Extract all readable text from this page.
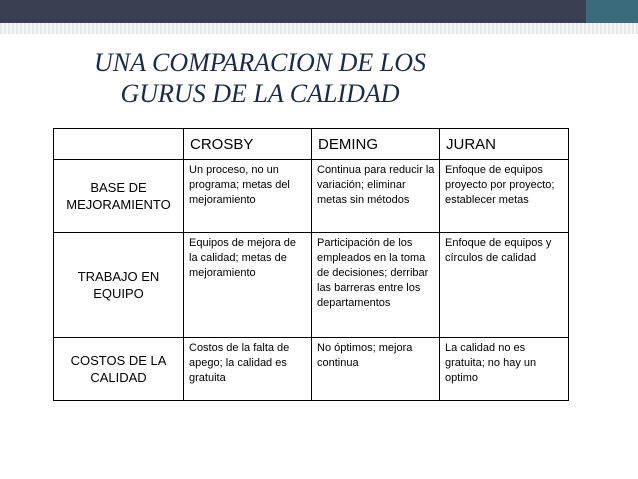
UNA COMPARACION DE LOS
GURUS DE LA CALIDAD
	CROSBY	DEMING	JURAN
BASE DE MEJORAMIENTO	Un proceso, no un programa; metas del mejoramiento	Continua para reducir la variación; eliminar metas sin métodos	Enfoque de equipos proyecto por proyecto; establecer metas
TRABAJO EN EQUIPO	Equipos de mejora de la calidad; metas de mejoramiento	Participación de los empleados en la toma de decisiones; derribar las barreras entre los departamentos	Enfoque de equipos y círculos de calidad
COSTOS DE LA CALIDAD	Costos de la falta de apego; la calidad es gratuita	No óptimos; mejora continua	La calidad no es gratuita; no hay un optimo
